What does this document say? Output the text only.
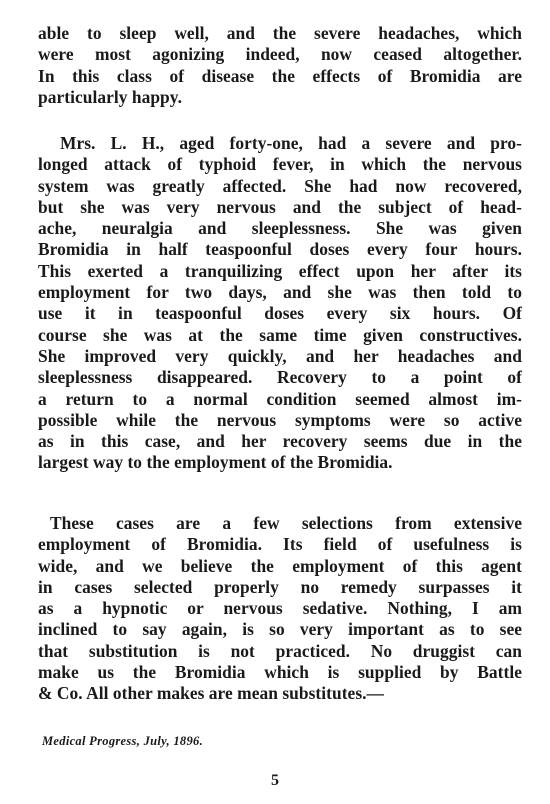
able to sleep well, and the severe headaches, which
were most agonizing indeed, now ceased altogether.
In this class of disease the effects of Bromidia are
particularly happy.

Mrs. L. H., aged forty-one, had a severe and pro-
longed attack of typhoid fever, in which the nervous
system was greatly affected. She had now recovered,
but she was very nervous and the subject of head-
ache, neuralgia and sleeplessness. She was given
Bromidia in half teaspoonful doses every four hours.
This exerted a tranquilizing effect upon her after its
employment for two days, and she was then told to
use it in teaspoonful doses every six hours. Of
course she was at the same time given constructives.
She improved very quickly, and her headaches and
sleeplessness disappeared. Recovery to a point of
a return to a normal condition seemed almost im-
possible while the nervous symptoms were so active
as in this case, and her recovery seems due in the
largest way to the employment of the Bromidia.

These cases are a few selections from extensive
employment of Bromidia. Its field of usefulness is
wide, and we believe the employment of this agent
in cases selected properly no remedy surpasses it
as a hypnotic or nervous sedative. Nothing, I am
inclined to say again, is so very important as to see
that substitution is not practiced. No druggist can
make us the Bromidia which is supplied by Battle
& Co. All other makes are mean substitutes.—

Medical Progress, July, 1896.
5
